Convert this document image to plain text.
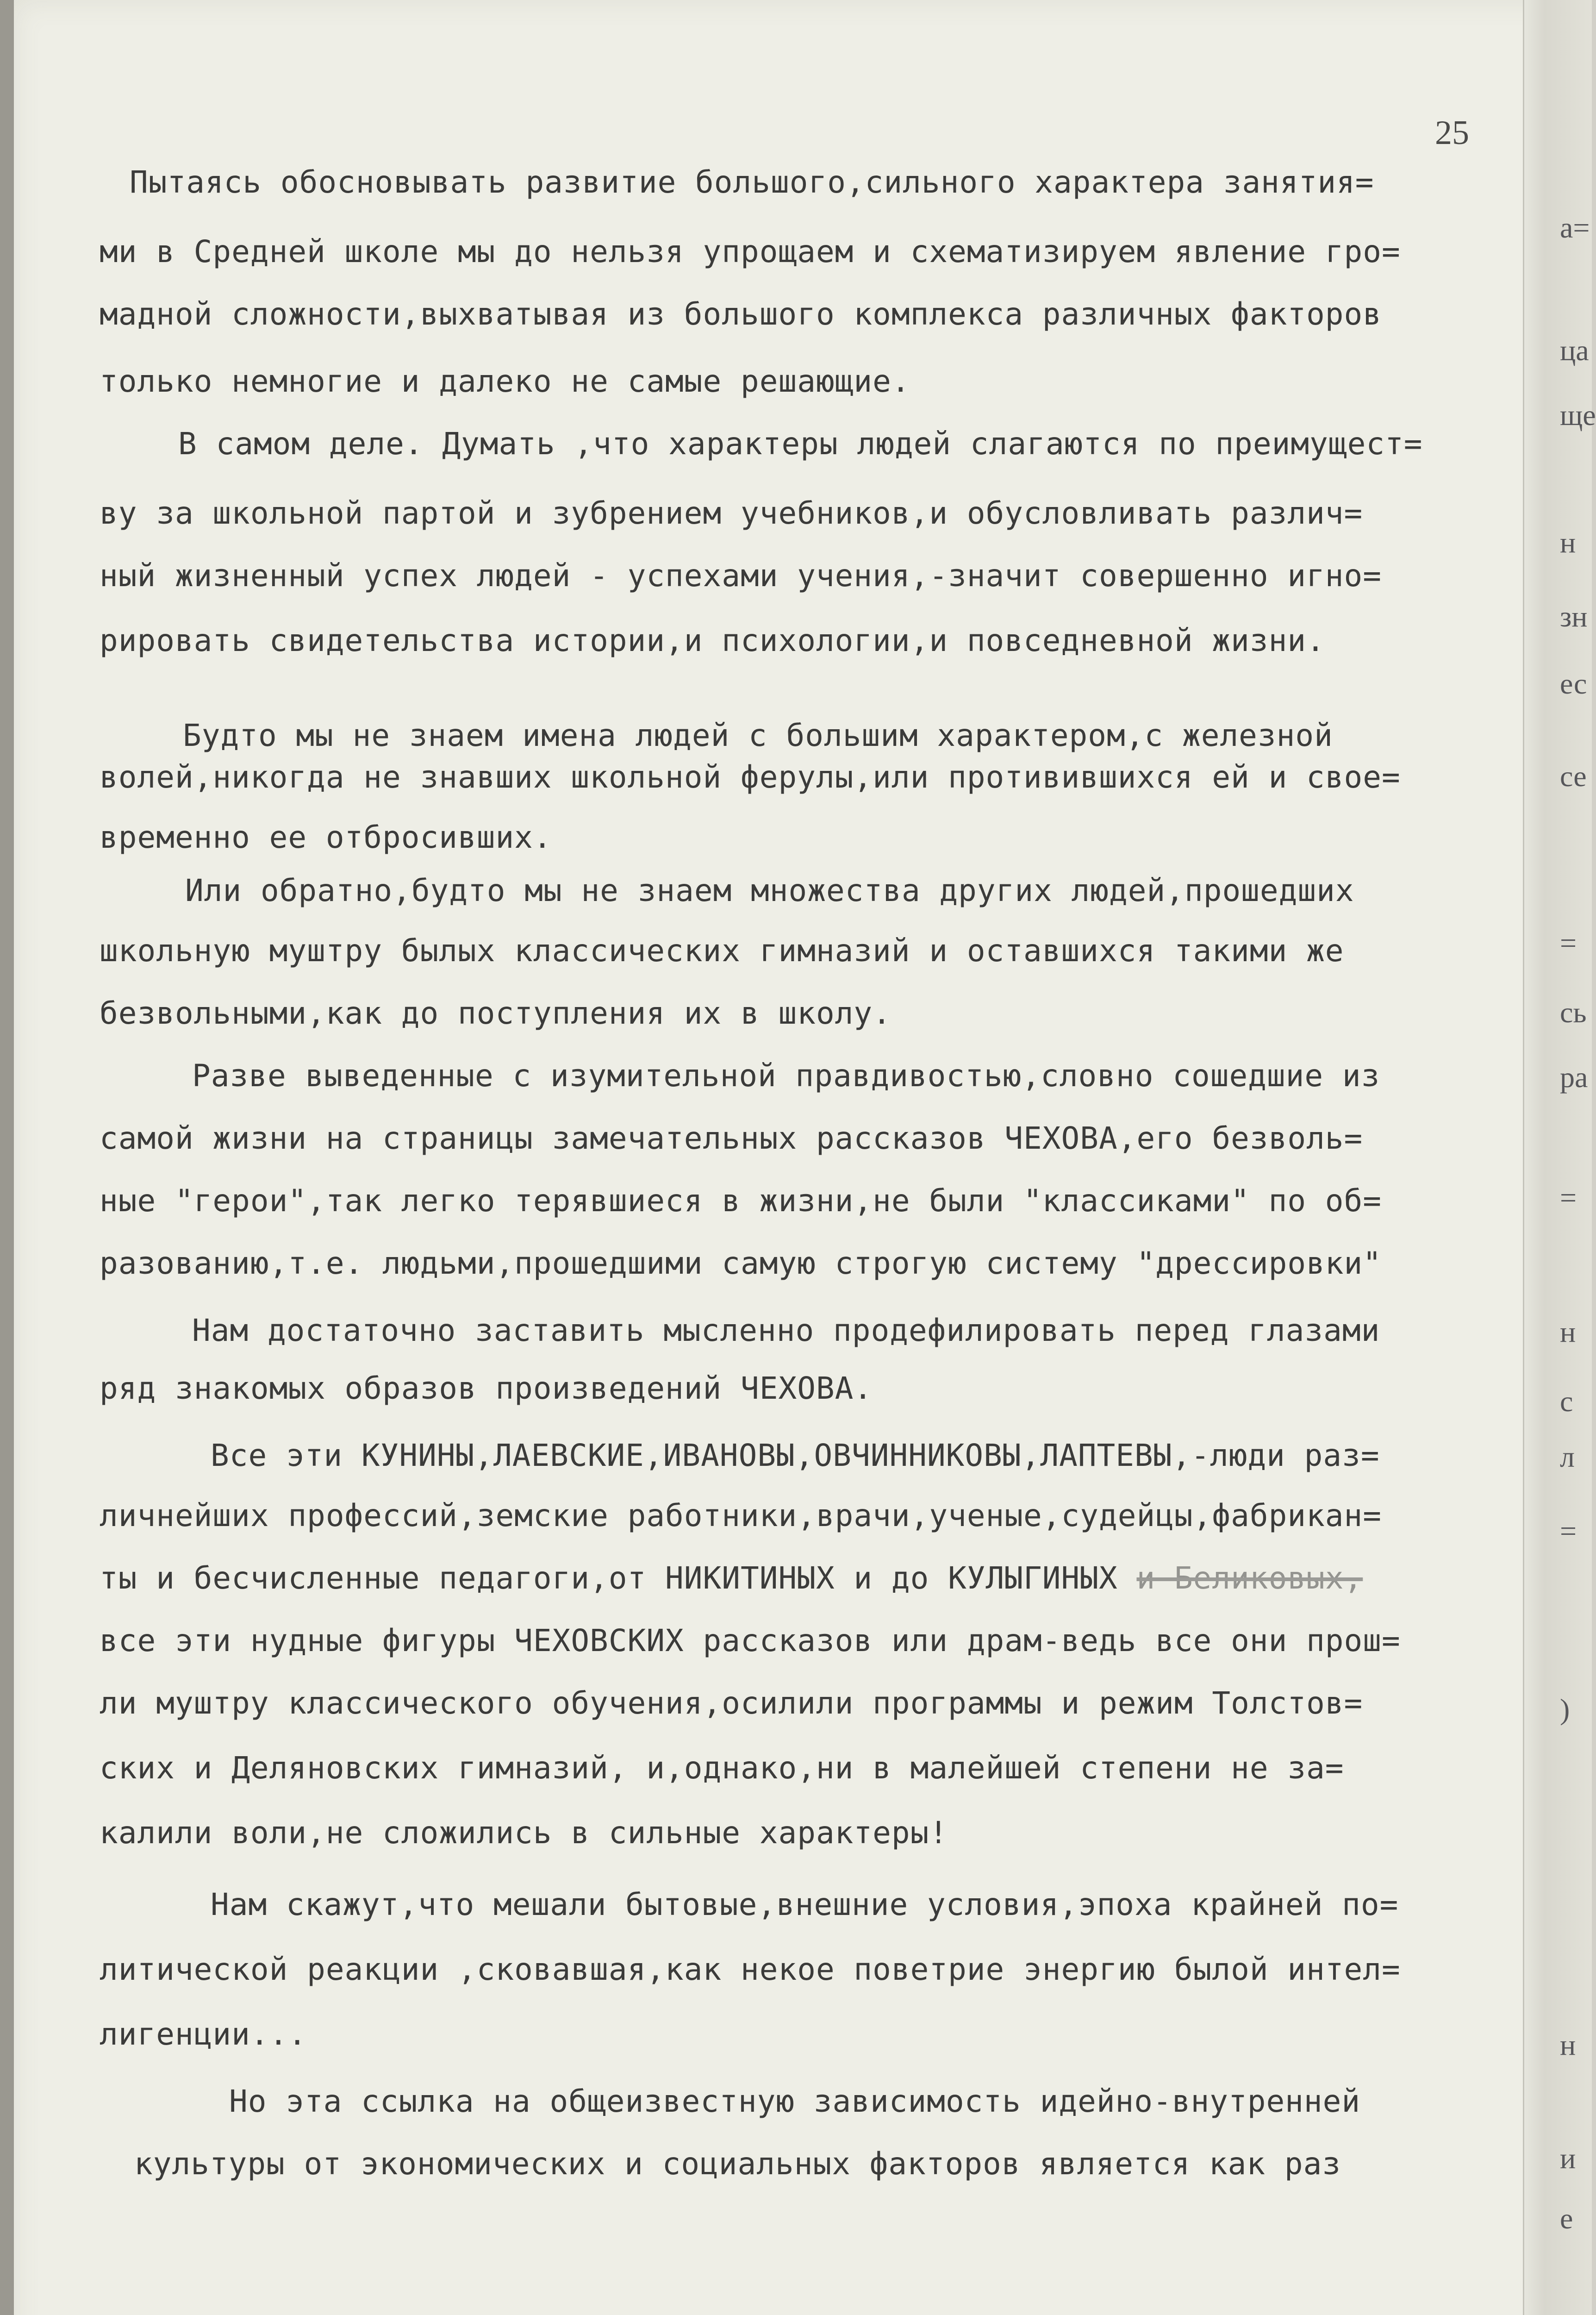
25
Пытаясь обосновывать развитие большого,сильного характера занятия=
ми в Средней школе мы до нельзя упрощаем и схематизируем явление гро=
мадной сложности,выхватывая из большого комплекса различных факторов
только немногие и далеко не самые решающие.
В самом деле. Думать ,что характеры людей слагаются по преимущест=
ву за школьной партой и зубрением учебников,и обусловливать различ=
ный жизненный успех людей - успехами учения,-значит совершенно игно=
рировать свидетельства истории,и психологии,и повседневной жизни.
Будто мы не знаем имена людей с большим характером,с железной
волей,никогда не знавших школьной ферулы,или противившихся ей и свое=
временно ее отбросивших.
Или обратно,будто мы не знаем множества других людей,прошедших
школьную муштру былых классических гимназий и оставшихся такими же
безвольными,как до поступления их в школу.
Разве выведенные с изумительной правдивостью,словно сошедшие из
самой жизни на страницы замечательных рассказов ЧЕХОВА,его безволь=
ные "герои",так легко терявшиеся в жизни,не были "классиками" по об=
разованию,т.е. людьми,прошедшими самую строгую систему "дрессировки"
Нам достаточно заставить мысленно продефилировать перед глазами
ряд знакомых образов произведений ЧЕХОВА.
Все эти КУНИНЫ,ЛАЕВСКИЕ,ИВАНОВЫ,ОВЧИННИКОВЫ,ЛАПТЕВЫ,-люди раз=
личнейших профессий,земские работники,врачи,ученые,судейцы,фабрикан=
ты и бесчисленные педагоги,от НИКИТИНЫХ и до КУЛЫГИНЫХ и Беликовых,
все эти нудные фигуры ЧЕХОВСКИХ рассказов или драм-ведь все они прош=
ли муштру классического обучения,осилили программы и режим Толстов=
ских и Деляновских гимназий, и,однако,ни в малейшей степени не за=
калили воли,не сложились в сильные характеры!
Нам скажут,что мешали бытовые,внешние условия,эпоха крайней по=
литической реакции ,сковавшая,как некое поветрие энергию былой интел=
лигенции...
Но эта ссылка на общеизвестную зависимость идейно-внутренней
культуры от экономических и социальных факторов является как раз
а=
ца
ще
н
зн
ес
се
=
сь
ра
=
н
с
л
=
)
н
и
е
